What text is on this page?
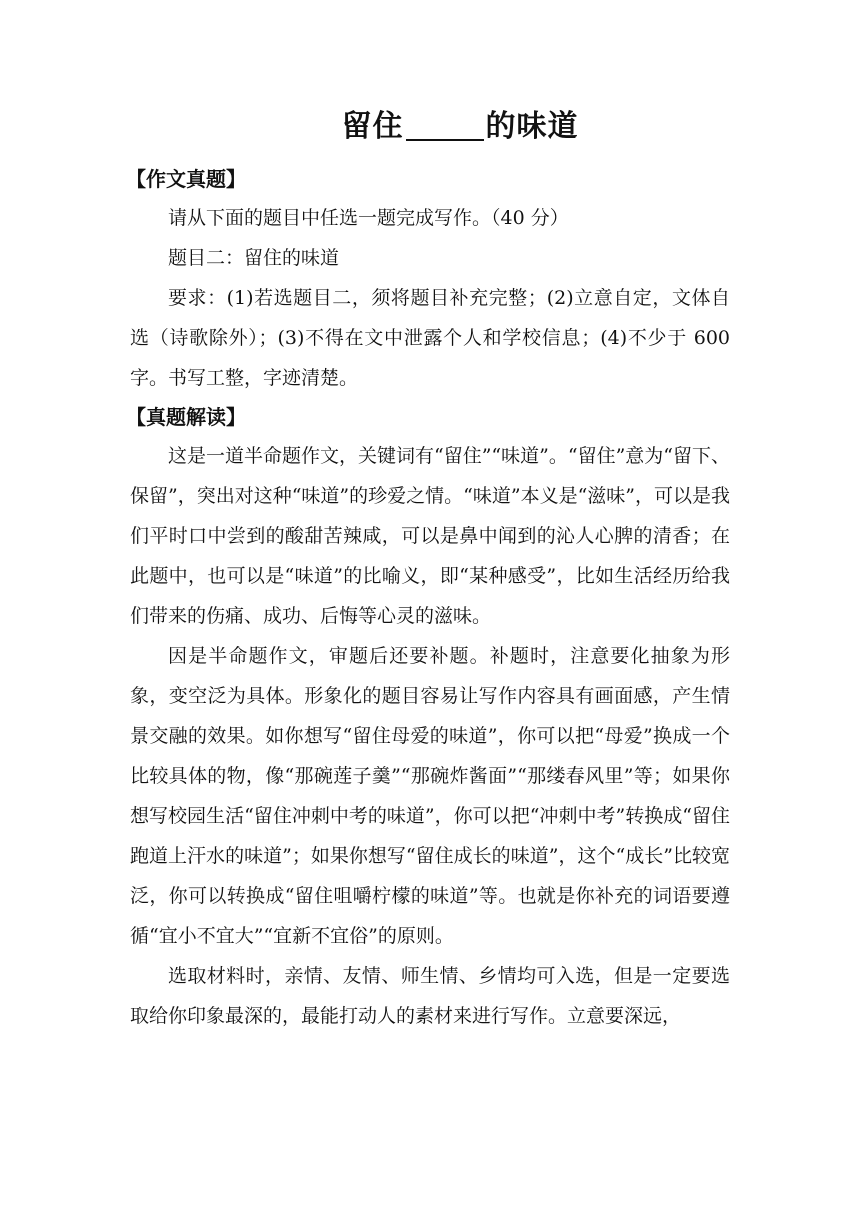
留住	的味道

【作文真题】

请从下面的题目中任选一题完成写作。（40 分）

题目二：留住的味道

要求：(1)若选题目二，须将题目补充完整；(2)立意自定，文体自选（诗歌除外）；(3)不得在文中泄露个人和学校信息；(4)不少于 600 字。书写工整，字迹清楚。

【真题解读】

这是一道半命题作文，关键词有“留住”“味道”。“留住”意为“留下、保留”，突出对这种“味道”的珍爱之情。“味道”本义是“滋味”，可以是我们平时口中尝到的酸甜苦辣咸，可以是鼻中闻到的沁人心脾的清香；在此题中，也可以是“味道”的比喻义，即“某种感受”，比如生活经历给我们带来的伤痛、成功、后悔等心灵的滋味。

因是半命题作文，审题后还要补题。补题时，注意要化抽象为形象，变空泛为具体。形象化的题目容易让写作内容具有画面感，产生情景交融的效果。如你想写“留住母爱的味道”，你可以把“母爱”换成一个比较具体的物，像“那碗莲子羹”“那碗炸酱面”“那缕春风里”等；如果你想写校园生活“留住冲刺中考的味道”，你可以把“冲刺中考”转换成“留住跑道上汗水的味道”；如果你想写“留住成长的味道”，这个“成长”比较宽泛，你可以转换成“留住咀嚼柠檬的味道”等。也就是你补充的词语要遵循“宜小不宜大”“宜新不宜俗”的原则。

选取材料时，亲情、友情、师生情、乡情均可入选，但是一定要选取给你印象最深的，最能打动人的素材来进行写作。立意要深远，
